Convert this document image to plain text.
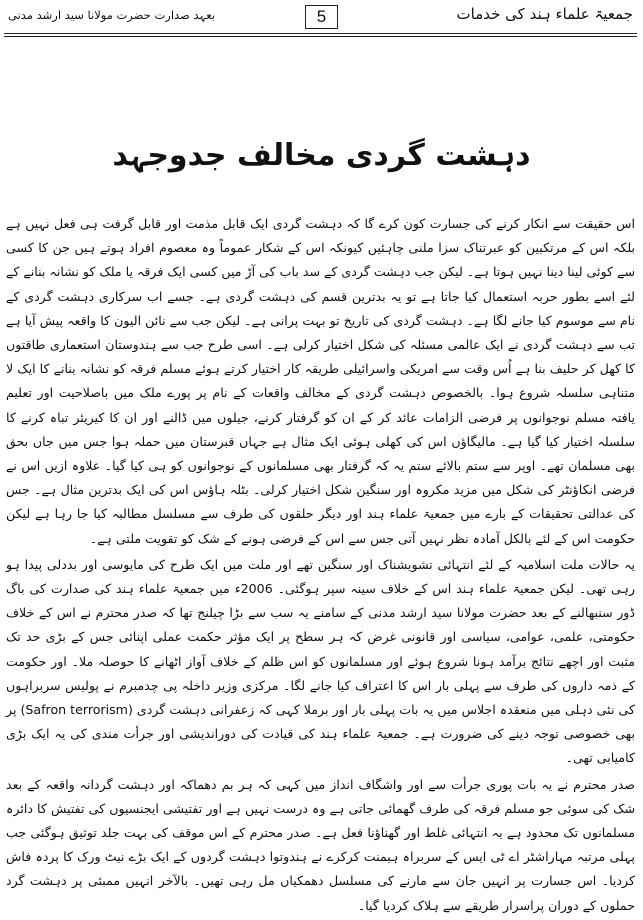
بعہد صدارت حضرت مولانا سید ارشد مدنی	5	جمعیۃ علماء ہند کی خدمات
دہشت گردی مخالف جدوجہد

اس حقیقت سے انکار کرنے کی جسارت کون کرے گا کہ دہشت گردی ایک قابل مذمت اور قابل گرفت ہی فعل نہیں ہے بلکہ اس کے مرتکبین کو عبرتناک سزا ملنی چاہئیں کیونکہ اس کے شکار عموماً وہ معصوم افراد ہوتے ہیں جن کا کسی سے کوئی لینا دینا نہیں ہوتا ہے۔ لیکن جب دہشت گردی کے سد باب کی آڑ میں کسی ایک فرقہ یا ملک کو نشانہ بنانے کے لئے اسے بطور حربہ استعمال کیا جاتا ہے تو یہ بدترین قسم کی دہشت گردی ہے۔ جسے اب سرکاری دہشت گردی کے نام سے موسوم کیا جانے لگا ہے۔ دہشت گردی کی تاریخ تو بہت پرانی ہے۔ لیکن جب سے نائن الیون کا واقعہ پیش آیا ہے تب سے دہشت گردی نے ایک عالمی مسئلہ کی شکل اختیار کرلی ہے۔ اسی طرح جب سے ہندوستان استعماری طاقتوں کا کھل کر حلیف بنا ہے اُس وقت سے امریکی واسرائیلی طریقہ کار اختیار کرتے ہوئے مسلم فرقہ کو نشانہ بنانے کا ایک لا متناہی سلسلہ شروع ہوا۔ بالخصوص دہشت گردی کے مخالف واقعات کے نام پر پورے ملک میں باصلاحیت اور تعلیم یافتہ مسلم نوجوانوں پر فرضی الزامات عائد کر کے ان کو گرفتار کرنے، جیلوں میں ڈالنے اور ان کا کیریئر تباہ کرنے کا سلسلہ اختیار کیا گیا ہے۔ مالیگاؤں اس کی کھلی ہوئی ایک مثال ہے جہاں قبرستان میں حملہ ہوا جس میں جاں بحق بھی مسلمان تھے۔ اوپر سے ستم بالائے ستم یہ کہ گرفتار بھی مسلمانوں کے نوجوانوں کو ہی کیا گیا۔ علاوہ ازیں اس نے فرضی انکاؤنٹر کی شکل میں مزید مکروہ اور سنگین شکل اختیار کرلی۔ بٹلہ ہاؤس اس کی ایک بدترین مثال ہے۔ جس کی عدالتی تحقیقات کے بارے میں جمعیۃ علماء ہند اور دیگر حلقوں کی طرف سے مسلسل مطالبہ کیا جا رہا ہے لیکن حکومت اس کے لئے بالکل آمادہ نظر نہیں آتی جس سے اس کے فرضی ہونے کے شک کو تقویت ملتی ہے۔

یہ حالات ملت اسلامیہ کے لئے انتہائی تشویشناک اور سنگین تھے اور ملت میں ایک طرح کی مایوسی اور بددلی پیدا ہو رہی تھی۔ لیکن جمعیۃ علماء ہند اس کے خلاف سینہ سپر ہوگئی۔ 2006ء میں جمعیۃ علماء ہند کی صدارت کی باگ ڈور سنبھالنے کے بعد حضرت مولانا سید ارشد مدنی کے سامنے یہ سب سے بڑا چیلنج تھا کہ صدر محترم نے اس کے خلاف حکومتی، علمی، عوامی، سیاسی اور قانونی غرض کہ ہر سطح پر ایک مؤثر حکمت عملی اپنائی جس کے بڑی حد تک مثبت اور اچھے نتائج برآمد ہونا شروع ہوئے اور مسلمانوں کو اس ظلم کے خلاف آواز اٹھانے کا حوصلہ ملا۔ اور حکومت کے ذمہ داروں کی طرف سے پہلی بار اس کا اعتراف کیا جانے لگا۔ مرکزی وزیر داخلہ پی چدمبرم نے پولیس سربراہوں کی نئی دہلی میں منعقدہ اجلاس میں یہ بات پہلی بار اور برملا کہی کہ زعفرانی دہشت گردی (Safron terrorism) پر بھی خصوصی توجہ دینے کی ضرورت ہے۔ جمعیۃ علماء ہند کی قیادت کی دوراندیشی اور جرأت مندی کی یہ ایک بڑی کامیابی تھی۔

صدر محترم نے یہ بات پوری جرأت سے اور واشگاف انداز میں کہی کہ ہر بم دھماکہ اور دہشت گردانہ واقعہ کے بعد شک کی سوئی جو مسلم فرقہ کی طرف گھمائی جاتی ہے وہ درست نہیں ہے اور تفتیشی ایجنسیوں کی تفتیش کا دائرہ مسلمانوں تک محدود ہے یہ انتہائی غلط اور گھناؤنا فعل ہے۔ صدر محترم کے اس موقف کی بہت جلد توثیق ہوگئی جب پہلی مرتبہ مہاراشٹر اے ٹی ایس کے سربراہ ہیمنت کرکرے نے ہندوتوا دہشت گردوں کے ایک بڑے نیٹ ورک کا پردہ فاش کردیا۔ اس جسارت پر انہیں جان سے مارنے کی مسلسل دھمکیاں مل رہی تھیں۔ بالآخر انہیں ممبئی پر دہشت گرد حملوں کے دوران پراسرار طریقے سے ہلاک کردیا گیا۔
